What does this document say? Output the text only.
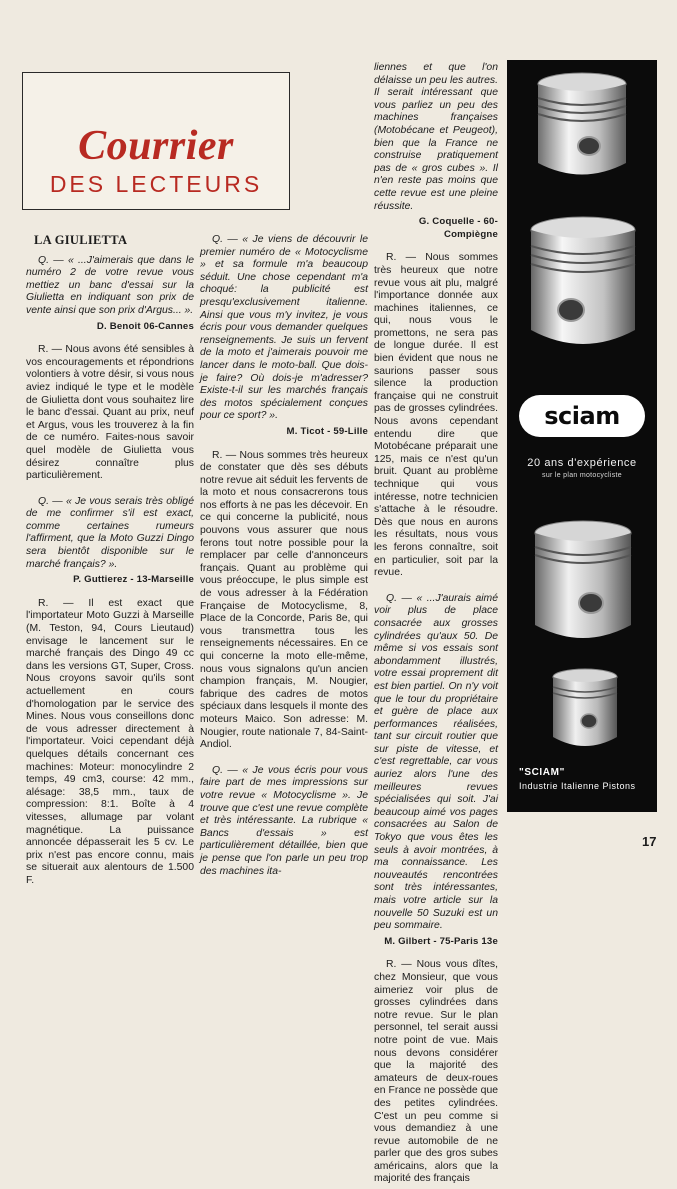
Courrier
DES LECTEURS
LA GIULIETTA
Q. — « ...J'aimerais que dans le numéro 2 de votre revue vous mettiez un banc d'essai sur la Giulietta en indiquant son prix de vente ainsi que son prix d'Argus... ».
D. Benoit 06-Cannes
R. — Nous avons été sensibles à vos encouragements et répondrions volontiers à votre désir, si vous nous aviez indiqué le type et le modèle de Giulietta dont vous souhaitez lire le banc d'essai. Quant au prix, neuf et Argus, vous les trouverez à la fin de ce numéro. Faites-nous savoir quel modèle de Giulietta vous désirez connaître plus particulièrement.
Q. — « Je vous serais très obligé de me confirmer s'il est exact, comme certaines rumeurs l'affirment, que la Moto Guzzi Dingo sera bientôt disponible sur le marché français? ».
P. Guttierez - 13-Marseille
R. — Il est exact que l'importateur Moto Guzzi à Marseille (M. Teston, 94, Cours Lieutaud) envisage le lancement sur le marché français des Dingo 49 cc dans les versions GT, Super, Cross. Nous croyons savoir qu'ils sont actuellement en cours d'homologation par le service des Mines. Nous vous conseillons donc de vous adresser directement à l'importateur. Voici cependant déjà quelques détails concernant ces machines: Moteur: monocylindre 2 temps, 49 cm3, course: 42 mm., alésage: 38,5 mm., taux de compression: 8:1. Boîte à 4 vitesses, allumage par volant magnétique. La puissance annoncée dépasserait les 5 cv. Le prix n'est pas encore connu, mais se situerait aux alentours de 1.500 F.
Q. — « Je viens de découvrir le premier numéro de « Motocyclisme » et sa formule m'a beaucoup séduit. Une chose cependant m'a choqué: la publicité est presqu'exclusivement italienne. Ainsi que vous m'y invitez, je vous écris pour vous demander quelques renseignements. Je suis un fervent de la moto et j'aimerais pouvoir me lancer dans le moto-ball. Que dois-je faire? Où dois-je m'adresser? Existe-t-il sur les marchés français des motos spécialement conçues pour ce sport? ».
M. Ticot - 59-Lille
R. — Nous sommes très heureux de constater que dès ses débuts notre revue ait séduit les fervents de la moto et nous consacrerons tous nos efforts à ne pas les décevoir. En ce qui concerne la publicité, nous pouvons vous assurer que nous ferons tout notre possible pour la remplacer par celle d'annonceurs français. Quant au problème qui vous préoccupe, le plus simple est de vous adresser à la Fédération Française de Motocyclisme, 8, Place de la Concorde, Paris 8e, qui vous transmettra tous les renseignements nécessaires. En ce qui concerne la moto elle-même, nous vous signalons qu'un ancien champion français, M. Nougier, fabrique des cadres de motos spéciaux dans lesquels il monte des moteurs Maico. Son adresse: M. Nougier, route nationale 7, 84-Saint-Andiol.
Q. — « Je vous écris pour vous faire part de mes impressions sur votre revue « Motocyclisme ». Je trouve que c'est une revue complète et très intéressante. La rubrique « Bancs d'essais » est particulièrement détaillée, bien que je pense que l'on parle un peu trop des machines ita-
liennes et que l'on délaisse un peu les autres. Il serait intéressant que vous parliez un peu des machines françaises (Motobécane et Peugeot), bien que la France ne construise pratiquement pas de « gros cubes ». Il n'en reste pas moins que cette revue est une pleine réussite.
G. Coquelle - 60-Compiègne
R. — Nous sommes très heureux que notre revue vous ait plu, malgré l'importance donnée aux machines italiennes, ce qui, nous vous le promettons, ne sera pas de longue durée. Il est bien évident que nous ne saurions passer sous silence la production française qui ne construit pas de grosses cylindrées. Nous avons cependant entendu dire que Motobécane préparait une 125, mais ce n'est qu'un bruit. Quant au problème technique qui vous intéresse, notre technicien s'attache à le résoudre. Dès que nous en aurons les résultats, nous vous les ferons connaître, soit en particulier, soit par la revue.
Q. — « ...J'aurais aimé voir plus de place consacrée aux grosses cylindrées qu'aux 50. De même si vos essais sont abondamment illustrés, votre essai proprement dit est bien partiel. On n'y voit que le tour du propriétaire et guère de place aux performances réalisées, tant sur circuit routier que sur piste de vitesse, et c'est regrettable, car vous auriez alors l'une des meilleures revues spécialisées qui soit. J'ai beaucoup aimé vos pages consacrées au Salon de Tokyo que vous êtes les seuls à avoir montrées, à ma connaissance. Les nouveautés rencontrées sont très intéressantes, mais votre article sur la nouvelle 50 Suzuki est un peu sommaire.
M. Gilbert - 75-Paris 13e
R. — Nous vous dîtes, chez Monsieur, que vous aimeriez voir plus de grosses cylindrées dans notre revue. Sur le plan personnel, tel serait aussi notre point de vue. Mais nous devons considérer que la majorité des amateurs de deux-roues en France ne possède que des petites cylindrées. C'est un peu comme si vous demandiez à une revue automobile de ne parler que des gros subes américains, alors que la majorité des français
sciam
20 ans d'expérience
sur le plan motocycliste
"SCIAM"
Industrie Italienne Pistons
17
